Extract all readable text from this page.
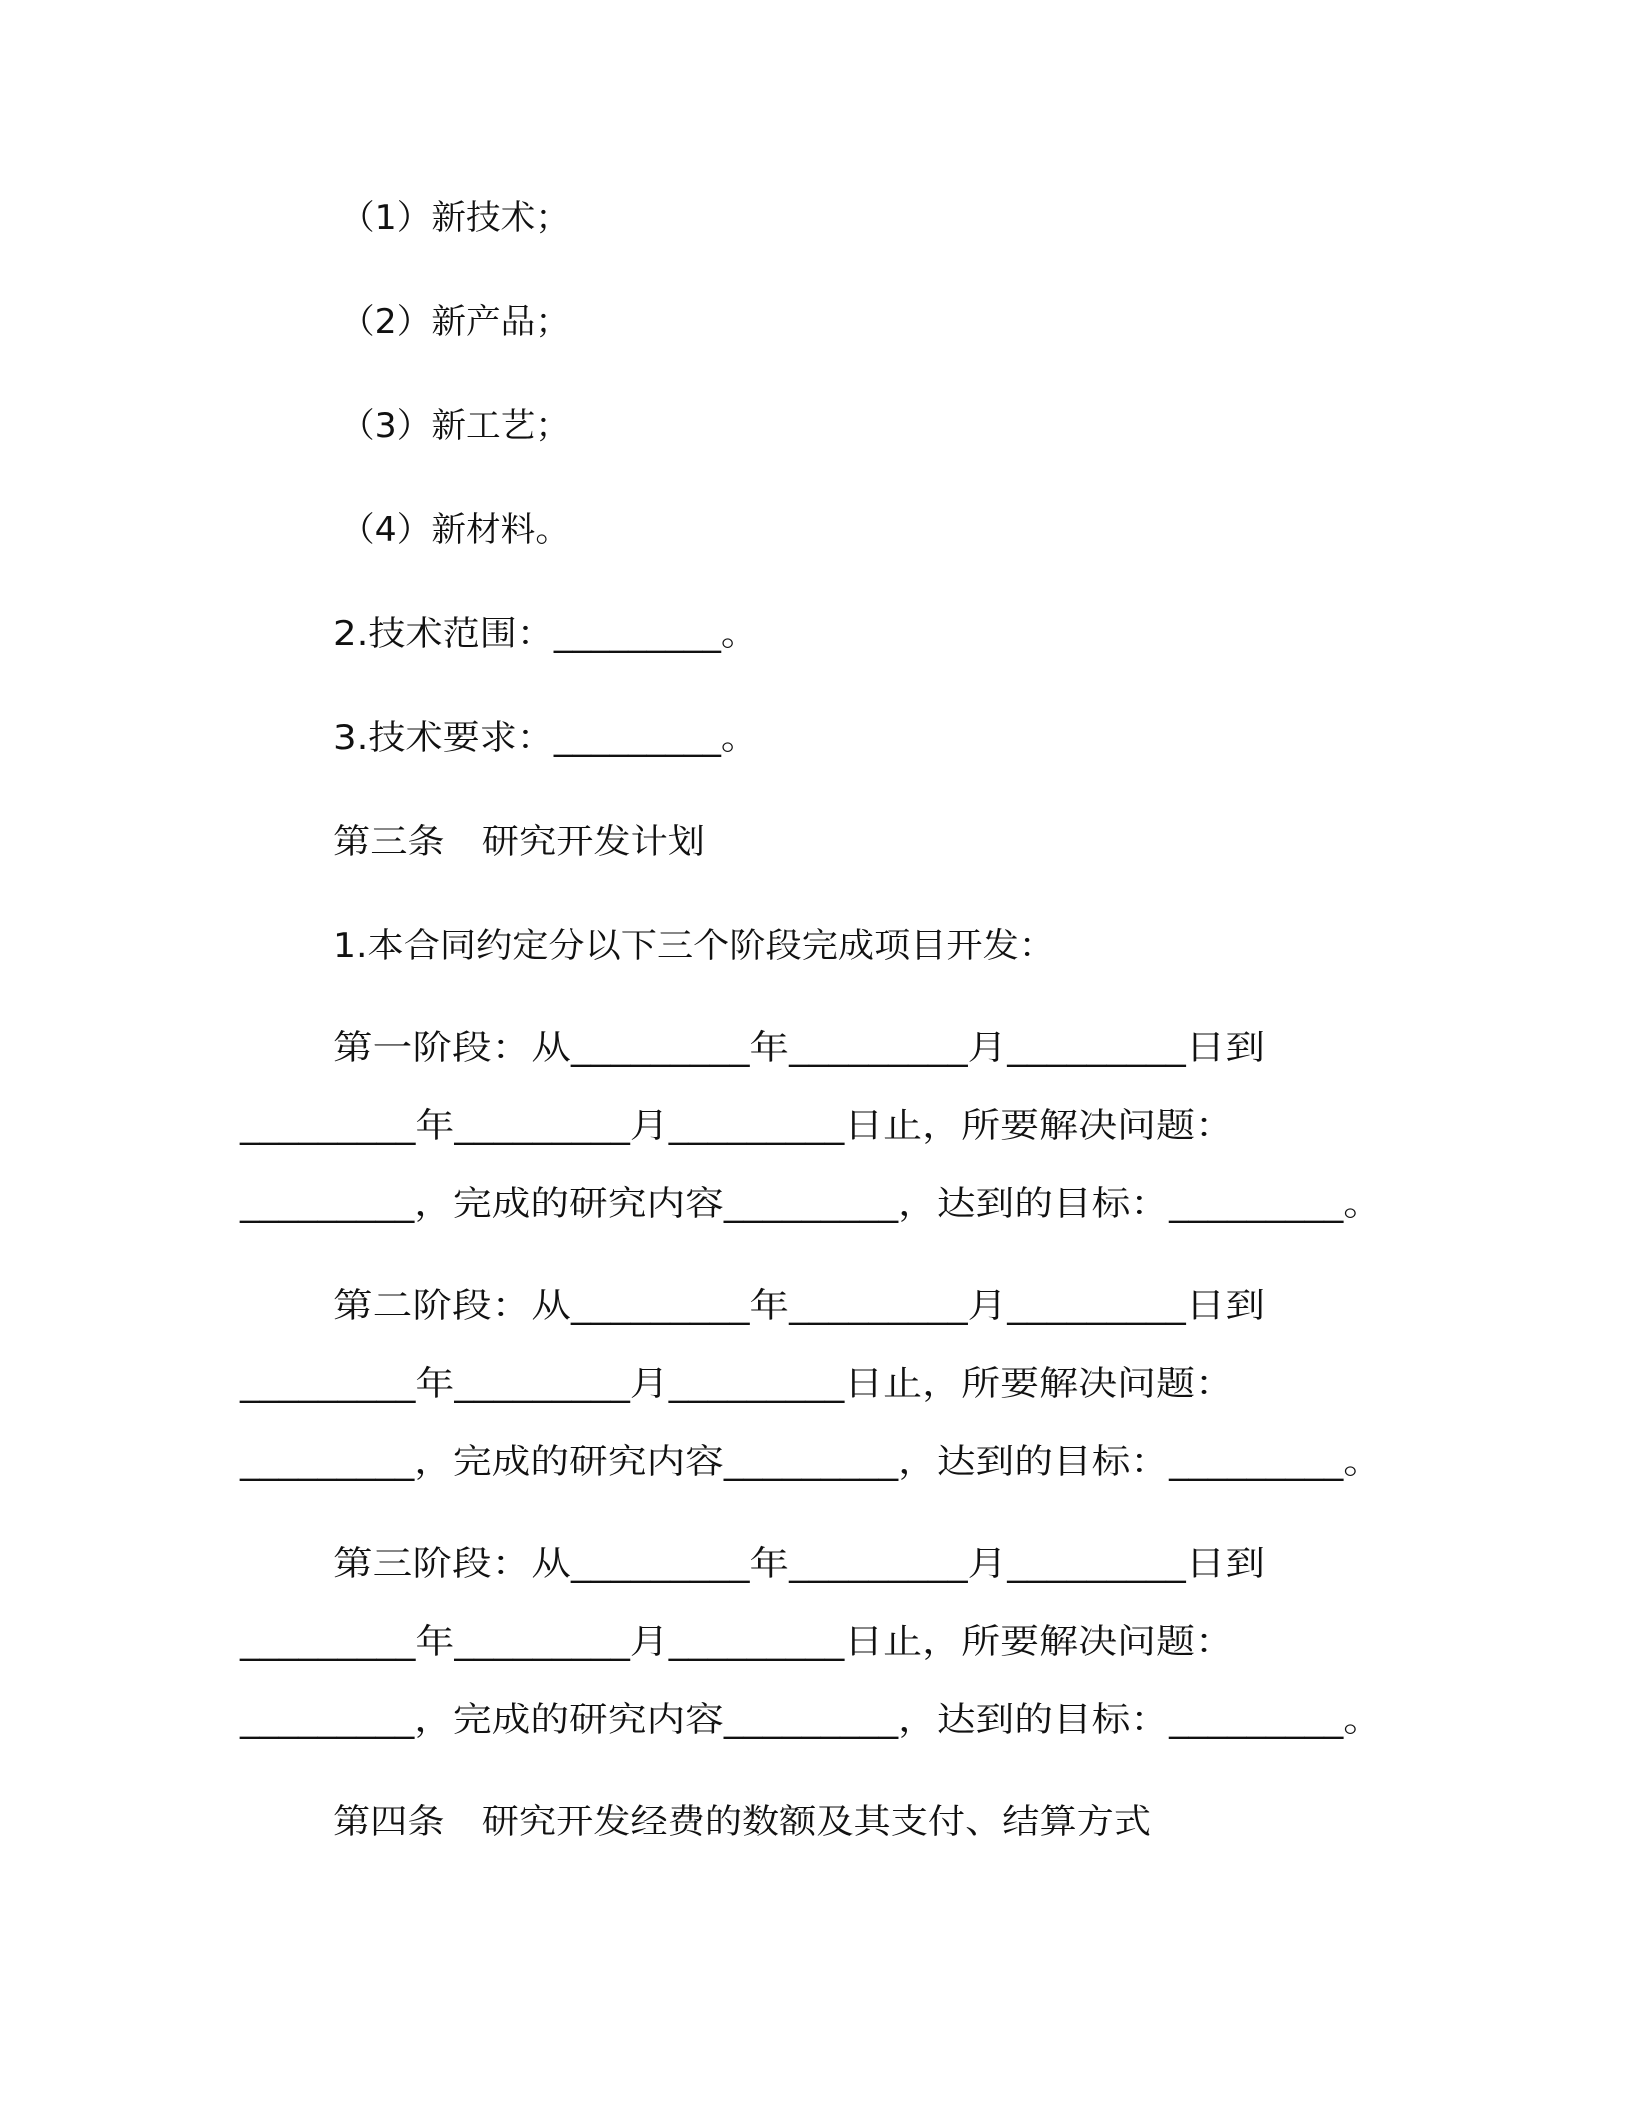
（1）新技术；

（2）新产品；

（3）新工艺；

（4）新材料。

2.技术范围：_________。

3.技术要求：_________。

第三条　研究开发计划

1.本合同约定分以下三个阶段完成项目开发：

第一阶段：从_________年_________月_________日到

_________年_________月_________日止，所要解决问题：

_________，完成的研究内容_________，达到的目标：_________。

第二阶段：从_________年_________月_________日到

_________年_________月_________日止，所要解决问题：

_________，完成的研究内容_________，达到的目标：_________。

第三阶段：从_________年_________月_________日到

_________年_________月_________日止，所要解决问题：

_________，完成的研究内容_________，达到的目标：_________。

第四条　研究开发经费的数额及其支付、结算方式
